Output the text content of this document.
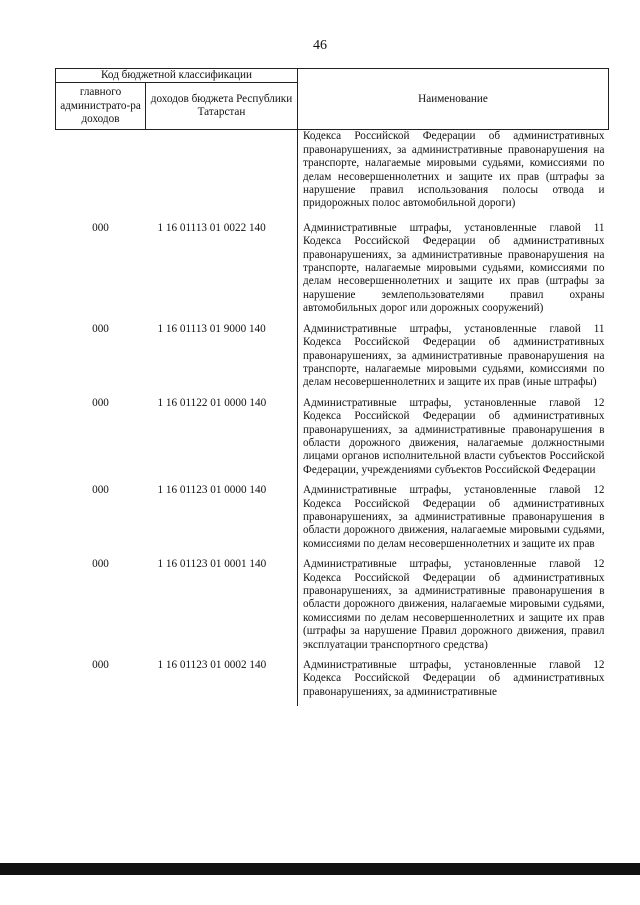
46
Код бюджетной классификации		Наименование
главного администрато-ра доходов	доходов бюджета Республики Татарстан	
		Кодекса Российской Федерации об административных правонарушениях, за административные правонарушения на транспорте, налагаемые мировыми судьями, комиссиями по делам несовершеннолетних и защите их прав (штрафы за нарушение правил использования полосы отвода и придорожных полос автомобильной дороги)
000	1 16 01113 01 0022 140	Административные штрафы, установленные главой 11 Кодекса Российской Федерации об административных правонарушениях, за административные правонарушения на транспорте, налагаемые мировыми судьями, комиссиями по делам несовершеннолетних и защите их прав (штрафы за нарушение землепользователями правил охраны автомобильных дорог или дорожных сооружений)
000	1 16 01113 01 9000 140	Административные штрафы, установленные главой 11 Кодекса Российской Федерации об административных правонарушениях, за административные правонарушения на транспорте, налагаемые мировыми судьями, комиссиями по делам несовершеннолетних и защите их прав (иные штрафы)
000	1 16 01122 01 0000 140	Административные штрафы, установленные главой 12 Кодекса Российской Федерации об административных правонарушениях, за административные правонарушения в области дорожного движения, налагаемые должностными лицами органов исполнительной власти субъектов Российской Федерации, учреждениями субъектов Российской Федерации
000	1 16 01123 01 0000 140	Административные штрафы, установленные главой 12 Кодекса Российской Федерации об административных правонарушениях, за административные правонарушения в области дорожного движения, налагаемые мировыми судьями, комиссиями по делам несовершеннолетних и защите их прав
000	1 16 01123 01 0001 140	Административные штрафы, установленные главой 12 Кодекса Российской Федерации об административных правонарушениях, за административные правонарушения в области дорожного движения, налагаемые мировыми судьями, комиссиями по делам несовершеннолетних и защите их прав (штрафы за нарушение Правил дорожного движения, правил эксплуатации транспортного средства)
000	1 16 01123 01 0002 140	Административные штрафы, установленные главой 12 Кодекса Российской Федерации об административных правонарушениях, за административные
